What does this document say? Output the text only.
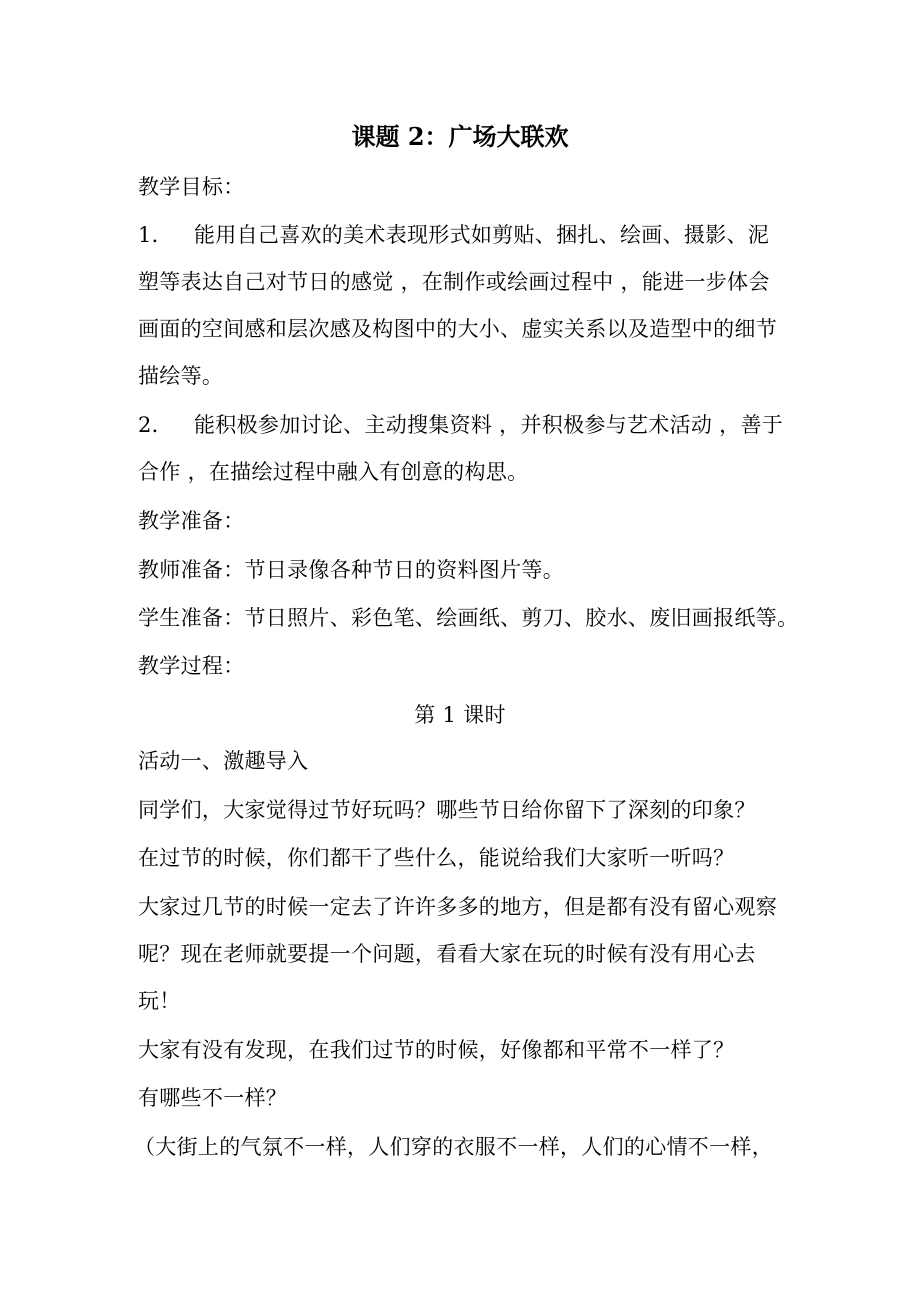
课题 2：广场大联欢
教学目标：
1． 能用自己喜欢的美术表现形式如剪贴、捆扎、绘画、摄影、泥
塑等表达自己对节日的感觉 ，在制作或绘画过程中 ，能进一步体会
画面的空间感和层次感及构图中的大小、虚实关系以及造型中的细节
描绘等。
2． 能积极参加讨论、主动搜集资料 ，并积极参与艺术活动 ，善于
合作 ，在描绘过程中融入有创意的构思。
教学准备：
教师准备：节日录像各种节日的资料图片等。
学生准备：节日照片、彩色笔、绘画纸、剪刀、胶水、废旧画报纸等。
教学过程：
第 1 课时
活动一、激趣导入
同学们，大家觉得过节好玩吗？哪些节日给你留下了深刻的印象？
在过节的时候，你们都干了些什么，能说给我们大家听一听吗？
大家过几节的时候一定去了许许多多的地方，但是都有没有留心观察
呢？现在老师就要提一个问题，看看大家在玩的时候有没有用心去
玩！
大家有没有发现，在我们过节的时候，好像都和平常不一样了？
有哪些不一样？
（大街上的气氛不一样，人们穿的衣服不一样，人们的心情不一样，
